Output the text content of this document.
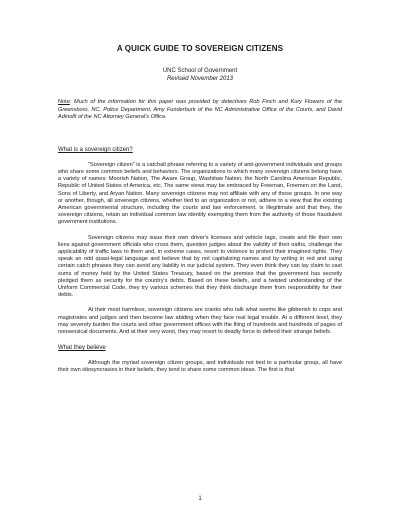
A QUICK GUIDE TO SOVEREIGN CITIZENS
UNC School of Government
Revised November 2013

Note: Much of the information for this paper was provided by detectives Rob Finch and Kory Flowers of the Greensboro, NC, Police Department, Amy Funderburk of the NC Administrative Office of the Courts, and David Adinolfi of the NC Attorney General's Office.

What is a sovereign citizen?

"Sovereign citizen" is a catchall phrase referring to a variety of anti-government individuals and groups who share some common beliefs and behaviors. The organizations to which many sovereign citizens belong have a variety of names: Moorish Nation, The Aware Group, Washitaw Nation, the North Carolina American Republic, Republic of United States of America, etc. The same views may be embraced by Freeman, Freemen on the Land, Sons of Liberty, and Aryan Nation. Many sovereign citizens may not affiliate with any of those groups. In one way or another, though, all sovereign citizens, whether tied to an organization or not, adhere to a view that the existing American governmental structure, including the courts and law enforcement, is illegitimate and that they, the sovereign citizens, retain an individual common law identity exempting them from the authority of those fraudulent government institutions.

Sovereign citizens may issue their own driver's licenses and vehicle tags, create and file their own liens against government officials who cross them, question judges about the validity of their oaths, challenge the applicability of traffic laws to them and, in extreme cases, resort to violence to protect their imagined rights. They speak an odd quasi-legal language and believe that by not capitalizing names and by writing in red and using certain catch phrases they can avoid any liability in our judicial system. They even think they can lay claim to vast sums of money held by the United States Treasury, based on the premise that the government has secretly pledged them as security for the country's debts. Based on these beliefs, and a twisted understanding of the Uniform Commercial Code, they try various schemes that they think discharge them from responsibility for their debts.

At their most harmless, sovereign citizens are cranks who talk what seems like gibberish to cops and magistrates and judges and then become law abiding when they face real legal trouble. At a different level, they may severely burden the courts and other government offices with the filing of hundreds and hundreds of pages of nonsensical documents. And at their very worst, they may resort to deadly force to defend their strange beliefs.

What they believe

Although the myriad sovereign citizen groups, and individuals not tied to a particular group, all have their own idiosyncrasies in their beliefs, they tend to share some common ideas. The first is that

1
